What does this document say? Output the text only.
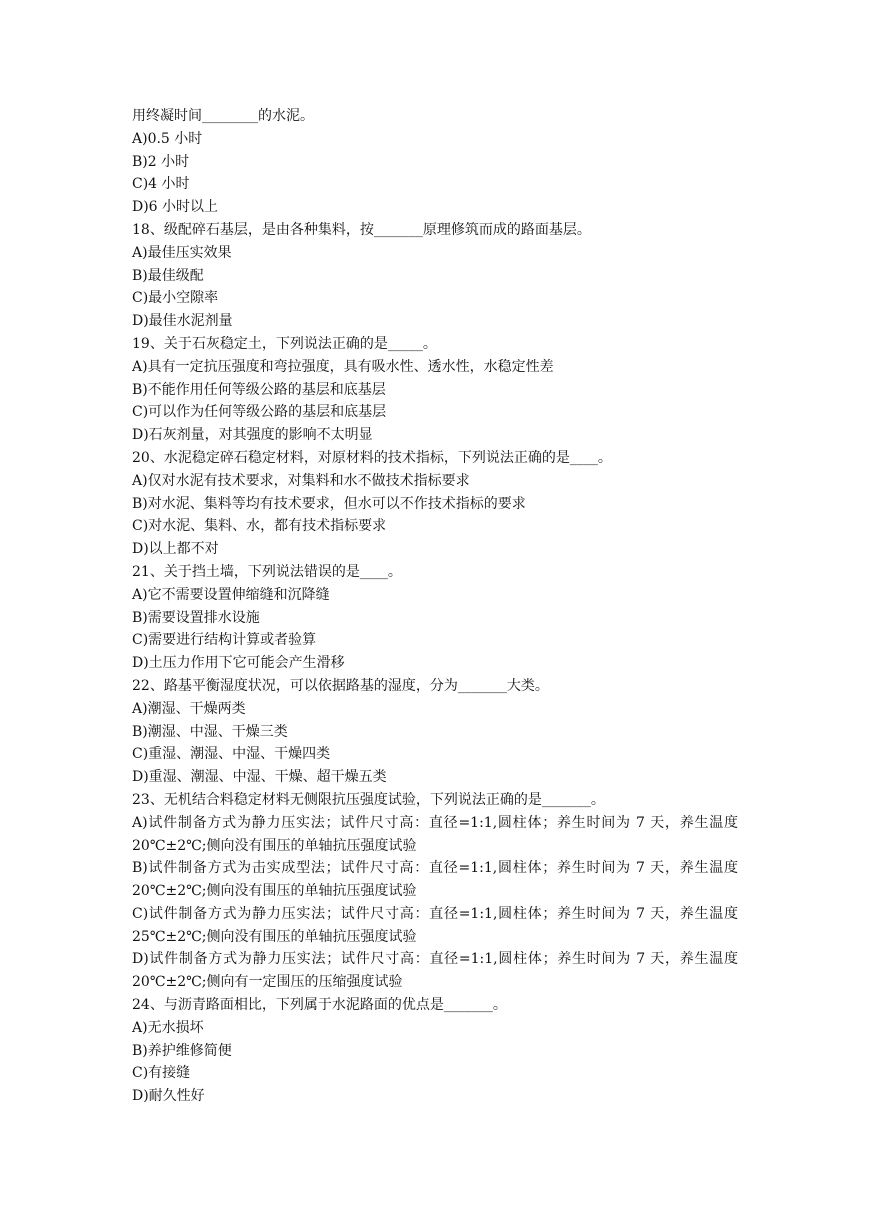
用终凝时间________的水泥。
A)0.5 小时
B)2 小时
C)4 小时
D)6 小时以上
18、级配碎石基层，是由各种集料，按_______原理修筑而成的路面基层。
A)最佳压实效果
B)最佳级配
C)最小空隙率
D)最佳水泥剂量
19、关于石灰稳定土，下列说法正确的是_____。
A)具有一定抗压强度和弯拉强度，具有吸水性、透水性，水稳定性差
B)不能作用任何等级公路的基层和底基层
C)可以作为任何等级公路的基层和底基层
D)石灰剂量，对其强度的影响不太明显
20、水泥稳定碎石稳定材料，对原材料的技术指标，下列说法正确的是____。
A)仅对水泥有技术要求，对集料和水不做技术指标要求
B)对水泥、集料等均有技术要求，但水可以不作技术指标的要求
C)对水泥、集料、水，都有技术指标要求
D)以上都不对
21、关于挡土墙，下列说法错误的是____。
A)它不需要设置伸缩缝和沉降缝
B)需要设置排水设施
C)需要进行结构计算或者验算
D)土压力作用下它可能会产生滑移
22、路基平衡湿度状况，可以依据路基的湿度，分为_______大类。
A)潮湿、干燥两类
B)潮湿、中湿、干燥三类
C)重湿、潮湿、中湿、干燥四类
D)重湿、潮湿、中湿、干燥、超干燥五类
23、无机结合料稳定材料无侧限抗压强度试验，下列说法正确的是_______。
A)试件制备方式为静力压实法；试件尺寸高：直径=1:1,圆柱体；养生时间为 7 天，养生温度 20℃±2℃;侧向没有围压的单轴抗压强度试验
B)试件制备方式为击实成型法；试件尺寸高：直径=1:1,圆柱体；养生时间为 7 天，养生温度 20℃±2℃;侧向没有围压的单轴抗压强度试验
C)试件制备方式为静力压实法；试件尺寸高：直径=1:1,圆柱体；养生时间为 7 天，养生温度 25℃±2℃;侧向没有围压的单轴抗压强度试验
D)试件制备方式为静力压实法；试件尺寸高：直径=1:1,圆柱体；养生时间为 7 天，养生温度 20℃±2℃;侧向有一定围压的压缩强度试验
24、与沥青路面相比，下列属于水泥路面的优点是_______。
A)无水损坏
B)养护维修简便
C)有接缝
D)耐久性好
